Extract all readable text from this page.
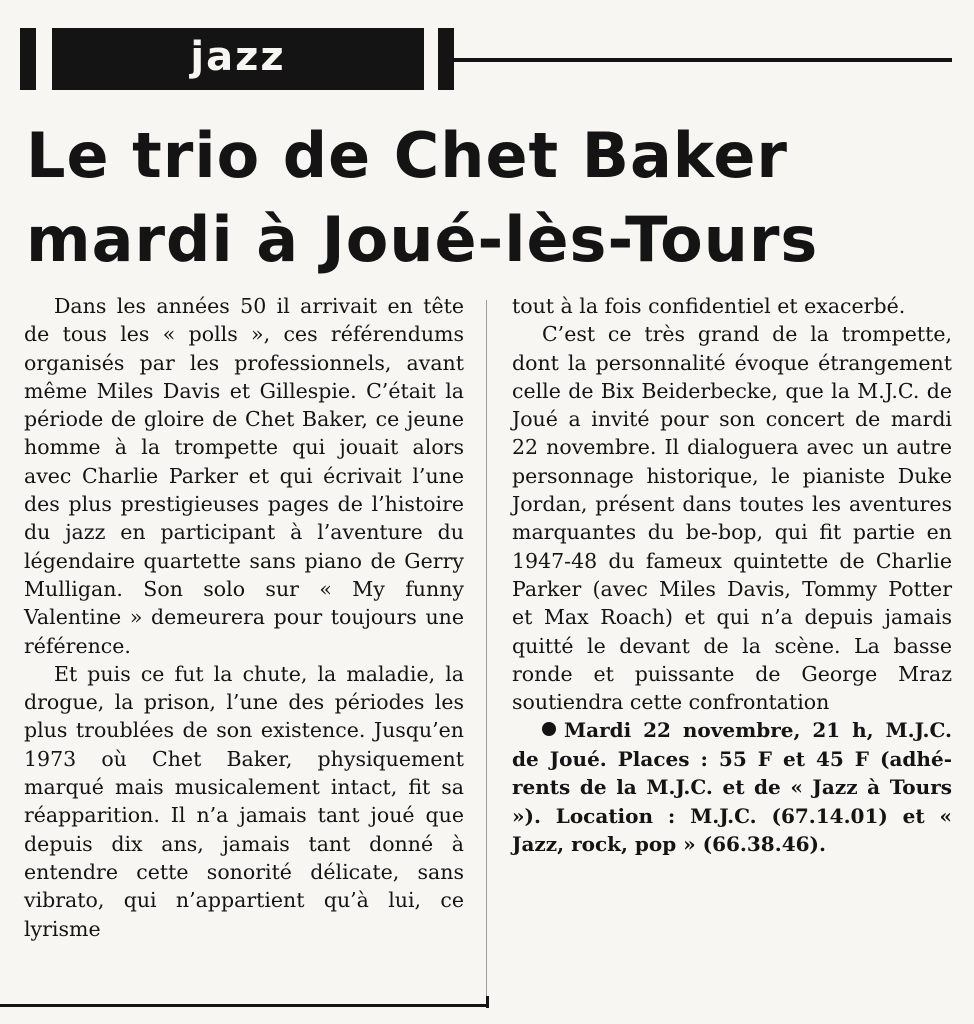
jazz
Le trio de Chet Baker
mardi à Joué-lès-Tours

Dans les années 50 il arrivait en tête de tous les « polls », ces référendums organisés par les professionnels, avant même Miles Davis et Gillespie. C’était la période de gloire de Chet Baker, ce jeune homme à la trompette qui jouait alors avec Charlie Parker et qui écrivait l’une des plus prestigieuses pages de l’histoire du jazz en participant à l’aventure du légendaire quartette sans piano de Gerry Mulligan. Son solo sur « My funny Valentine » demeurera pour toujours une référence.

Et puis ce fut la chute, la maladie, la drogue, la prison, l’une des périodes les plus troublées de son existence. Jusqu’en 1973 où Chet Baker, physiquement marqué mais musicalement intact, fit sa réapparition. Il n’a jamais tant joué que depuis dix ans, jamais tant donné à entendre cette sonorité délicate, sans vibrato, qui n’appartient qu’à lui, ce lyrisme

tout à la fois confidentiel et exacerbé.

C’est ce très grand de la trompette, dont la personnalité évoque étrangement celle de Bix Beiderbecke, que la M.J.C. de Joué a invité pour son concert de mardi 22 novembre. Il dialoguera avec un autre personnage historique, le pianiste Duke Jordan, présent dans toutes les aventures marquantes du be-bop, qui fit partie en 1947-48 du fameux quintette de Charlie Parker (avec Miles Davis, Tommy Potter et Max Roach) et qui n’a depuis jamais quitté le devant de la scène. La basse ronde et puissante de George Mraz soutiendra cette confrontation

Mardi 22 novembre, 21 h, M.J.C. de Joué. Places : 55 F et 45 F (adhérents de la M.J.C. et de « Jazz à Tours »). Location : M.J.C. (67.14.01) et « Jazz, rock, pop » (66.38.46).
